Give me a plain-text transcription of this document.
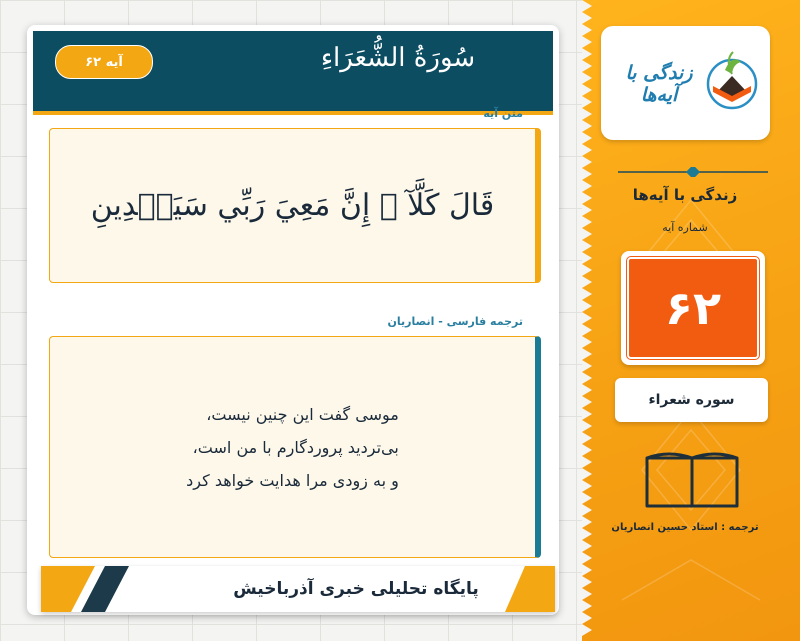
زندگی با آیه‌ها
زندگی با آیه‌ها
شماره آیه
۶۲
سوره شعراء
ترجمه : استاد حسین انصاریان
سُورَةُ الشُّعَرَاءِ
آیه ۶۲
متن آیه
قَالَ كَلَّآ ۖ إِنَّ مَعِيَ رَبِّي سَيَهۡدِينِ
ترجمه فارسی - انصاریان
موسی گفت این چنین نیست،
بی‌تردید پروردگارم با من است،
و به زودی مرا هدایت خواهد کرد
پایگاه تحلیلی خبری آذرباخیش
